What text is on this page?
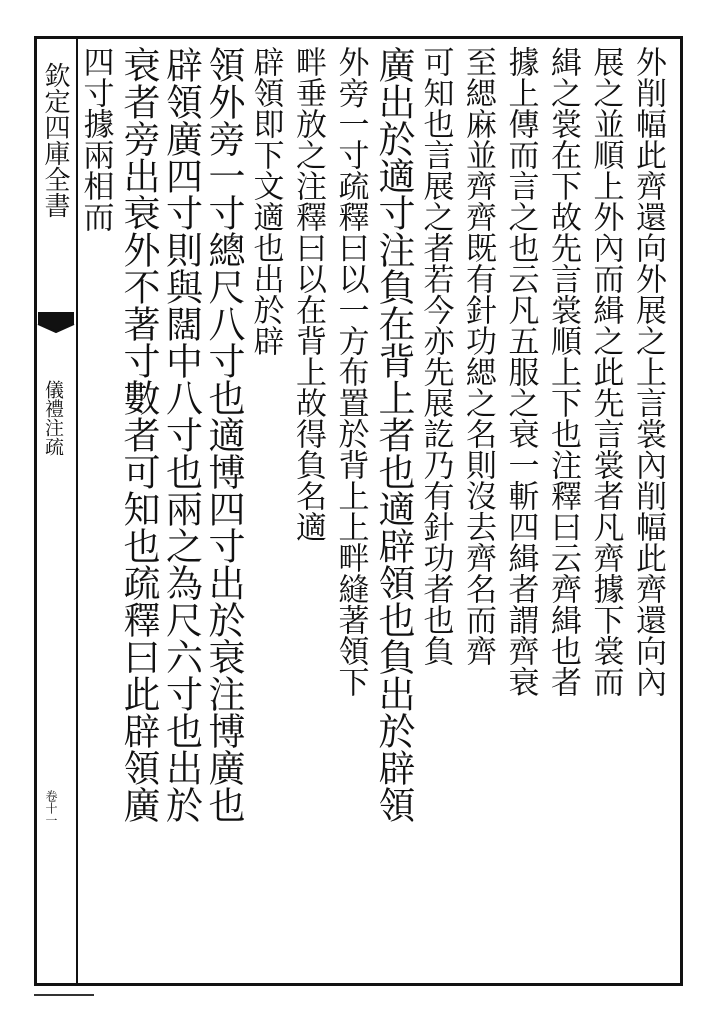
欽定四庫全書
儀禮注疏
卷十一
外削幅此齊還向外展之上言裳內削幅此齊還向內
展之並順上外內而緝之此先言裳者凡齊據下裳而
緝之裳在下故先言裳順上下也注釋曰云齊緝也者
據上傳而言之也云凡五服之衰一斬四緝者謂齊衰
至緦麻並齊齊既有針功緦之名則沒去齊名而齊
可知也言展之者若今亦先展訖乃有針功者也負
廣出於適寸注負在背上者也適辟領也負出於辟領
外旁一寸疏釋曰以一方布置於背上上畔縫著領下
畔垂放之注釋曰以在背上故得負名適
辟領即下文適也出於辟
領外旁一寸總尺八寸也適博四寸出於衰注博廣也
辟領廣四寸則與闊中八寸也兩之為尺六寸也出於
衰者旁出衰外不著寸數者可知也疏釋曰此辟領廣
四寸據兩相而
